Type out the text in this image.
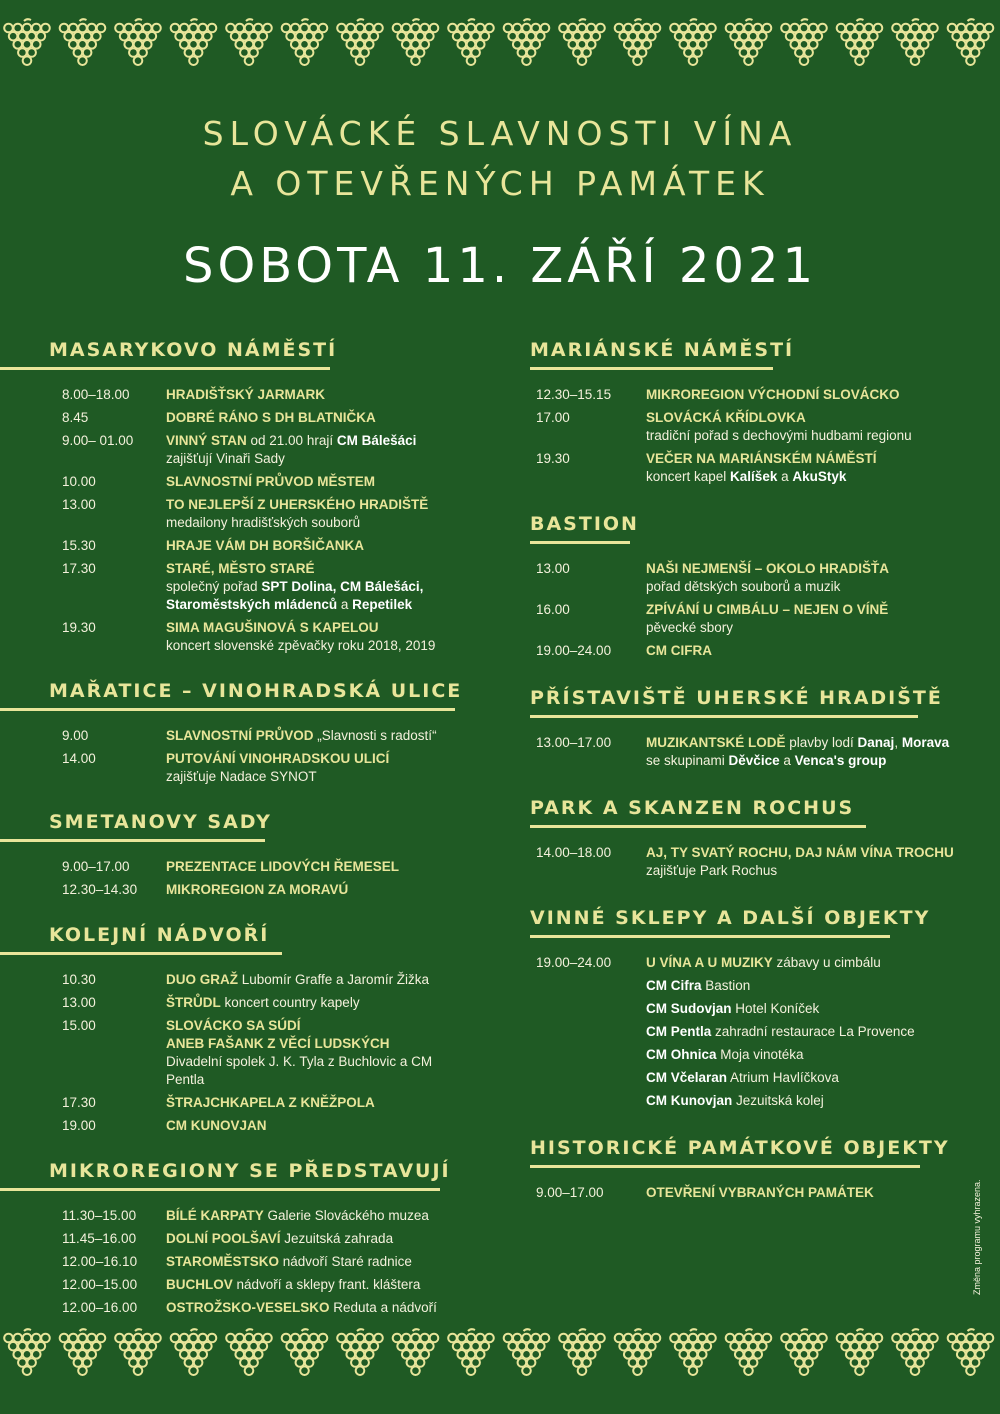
SLOVÁCKÉ SLAVNOSTI VÍNA
A OTEVŘENÝCH PAMÁTEK
SOBOTA 11. ZÁŘÍ 2021
MASARYKOVO NÁMĚSTÍ
8.00–18.00	HRADIŠŤSKÝ JARMARK
8.45	DOBRÉ RÁNO S DH BLATNIČKA
9.00– 01.00	VINNÝ STAN od 21.00 hrají CM Bálešáci
zajišťují Vinaři Sady
10.00	SLAVNOSTNÍ PRŮVOD MĚSTEM
13.00	TO NEJLEPŠÍ Z UHERSKÉHO HRADIŠTĚ
medailony hradišťských souborů
15.30	HRAJE VÁM DH BORŠIČANKA
17.30	STARÉ, MĚSTO STARÉ
společný pořad SPT Dolina, CM Bálešáci,
Staroměstských mládenců a Repetilek
19.30	SIMA MAGUŠINOVÁ S KAPELOU
koncert slovenské zpěvačky roku 2018, 2019
MAŘATICE – VINOHRADSKÁ ULICE
9.00	SLAVNOSTNÍ PRŮVOD „Slavnosti s radostí“
14.00	PUTOVÁNÍ VINOHRADSKOU ULICÍ
zajišťuje Nadace SYNOT
SMETANOVY SADY
9.00–17.00	PREZENTACE LIDOVÝCH ŘEMESEL
12.30–14.30	MIKROREGION ZA MORAVÚ
KOLEJNÍ NÁDVOŘÍ
10.30	DUO GRAŽ Lubomír Graffe a Jaromír Žižka
13.00	ŠTRŮDL koncert country kapely
15.00	SLOVÁCKO SA SÚDÍ
ANEB FAŠANK Z VĚCÍ LUDSKÝCH
Divadelní spolek J. K. Tyla z Buchlovic a CM Pentla
17.30	ŠTRAJCHKAPELA Z KNĚŽPOLA
19.00	CM KUNOVJAN
MIKROREGIONY SE PŘEDSTAVUJÍ
11.30–15.00	BÍLÉ KARPATY Galerie Slováckého muzea
11.45–16.00	DOLNÍ POOLŠAVÍ Jezuitská zahrada
12.00–16.10	STAROMĚSTSKO nádvoří Staré radnice
12.00–15.00	BUCHLOV nádvoří a sklepy frant. kláštera
12.00–16.00	OSTROŽSKO-VESELSKO Reduta a nádvoří
MARIÁNSKÉ NÁMĚSTÍ
12.30–15.15	MIKROREGION VÝCHODNÍ SLOVÁCKO
17.00	SLOVÁCKÁ KŘÍDLOVKA
tradiční pořad s dechovými hudbami regionu
19.30	VEČER NA MARIÁNSKÉM NÁMĚSTÍ
koncert kapel Kalíšek a AkuStyk
BASTION
13.00	NAŠI NEJMENŠÍ – OKOLO HRADIŠŤA
pořad dětských souborů a muzik
16.00	ZPÍVÁNÍ U CIMBÁLU – NEJEN O VÍNĚ
pěvecké sbory
19.00–24.00	CM CIFRA
PŘÍSTAVIŠTĚ UHERSKÉ HRADIŠTĚ
13.00–17.00	MUZIKANTSKÉ LODĚ plavby lodí Danaj, Morava
se skupinami Děvčice a Venca's group
PARK A SKANZEN ROCHUS
14.00–18.00	AJ, TY SVATÝ ROCHU, DAJ NÁM VÍNA TROCHU
zajišťuje Park Rochus
VINNÉ SKLEPY A DALŠÍ OBJEKTY
19.00–24.00	U VÍNA A U MUZIKY zábavy u cimbálu
CM Cifra Bastion
CM Sudovjan Hotel Koníček
CM Pentla zahradní restaurace La Provence
CM Ohnica Moja vinotéka
CM Včelaran Atrium Havlíčkova
CM Kunovjan Jezuitská kolej
HISTORICKÉ PAMÁTKOVÉ OBJEKTY
9.00–17.00	OTEVŘENÍ VYBRANÝCH PAMÁTEK	Změna programu vyhrazena.
